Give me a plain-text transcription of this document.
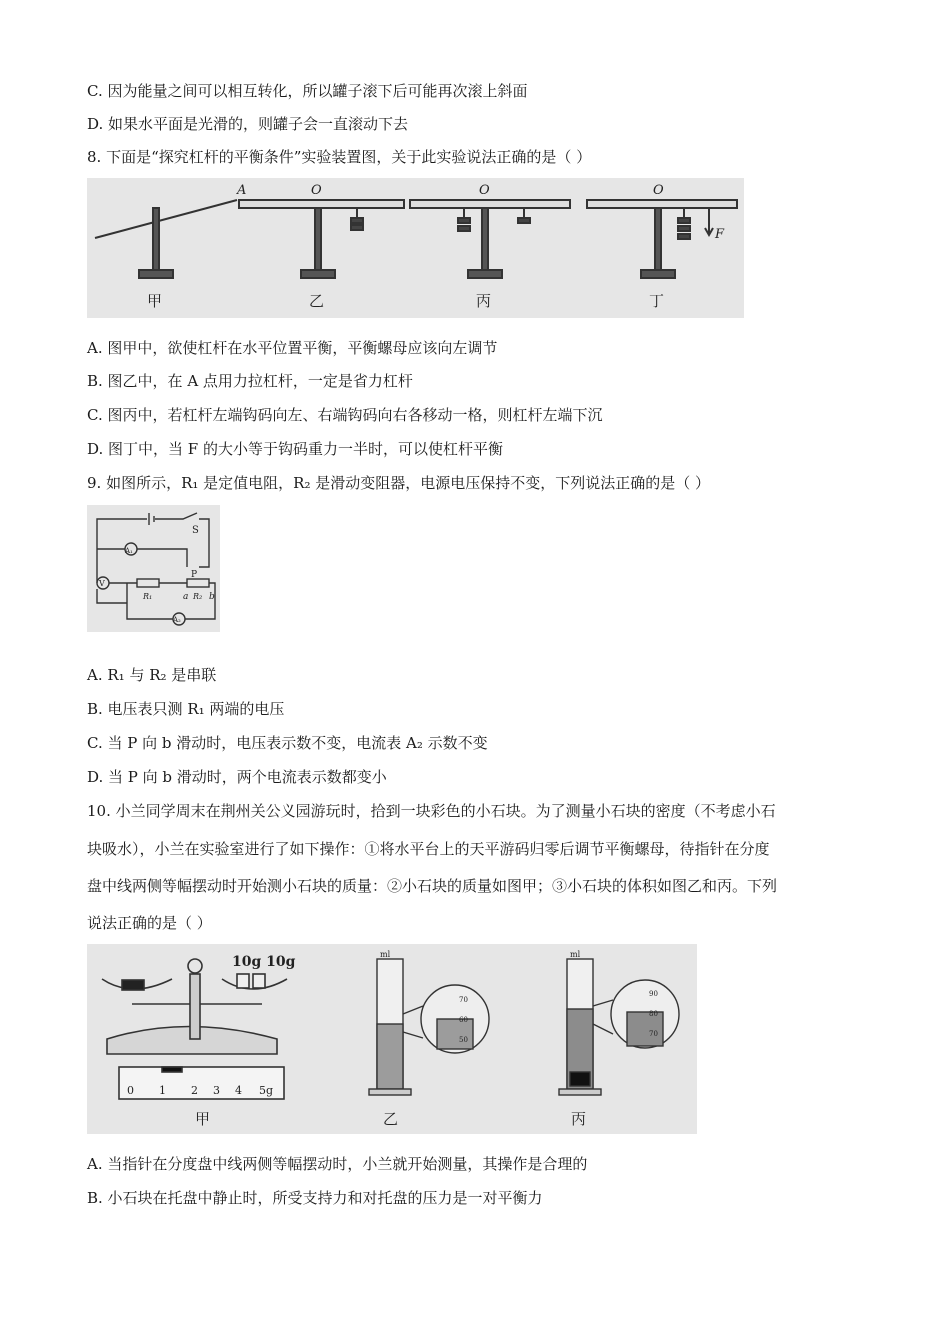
C. 因为能量之间可以相互转化，所以罐子滚下后可能再次滚上斜面
D. 如果水平面是光滑的，则罐子会一直滚动下去
8. 下面是“探究杠杆的平衡条件”实验装置图，关于此实验说法正确的是（ ）
A	O	O	O
F
甲	乙	丙	丁
A. 图甲中，欲使杠杆在水平位置平衡，平衡螺母应该向左调节
B. 图乙中，在 A 点用力拉杠杆，一定是省力杠杆
C. 图丙中，若杠杆左端钩码向左、右端钩码向右各移动一格，则杠杆左端下沉
D. 图丁中，当 F 的大小等于钩码重力一半时，可以使杠杆平衡
9. 如图所示，R₁ 是定值电阻，R₂ 是滑动变阻器，电源电压保持不变，下列说法正确的是（ ）
S
A₁
V
R₁
P
a R₂ b
A₂
A. R₁ 与 R₂ 是串联
B. 电压表只测 R₁ 两端的电压
C. 当 P 向 b 滑动时，电压表示数不变，电流表 A₂ 示数不变
D. 当 P 向 b 滑动时，两个电流表示数都变小
10. 小兰同学周末在荆州关公义园游玩时，拾到一块彩色的小石块。为了测量小石块的密度（不考虑小石
块吸水），小兰在实验室进行了如下操作：①将水平台上的天平游码归零后调节平衡螺母，待指针在分度
盘中线两侧等幅摆动时开始测小石块的质量：②小石块的质量如图甲；③小石块的体积如图乙和丙。下列
说法正确的是（ ）
10g 10g
0 1 2 3 4 5g
甲
ml
70
60
50
乙
ml
90
80
70
丙
A. 当指针在分度盘中线两侧等幅摆动时，小兰就开始测量，其操作是合理的
B. 小石块在托盘中静止时，所受支持力和对托盘的压力是一对平衡力
